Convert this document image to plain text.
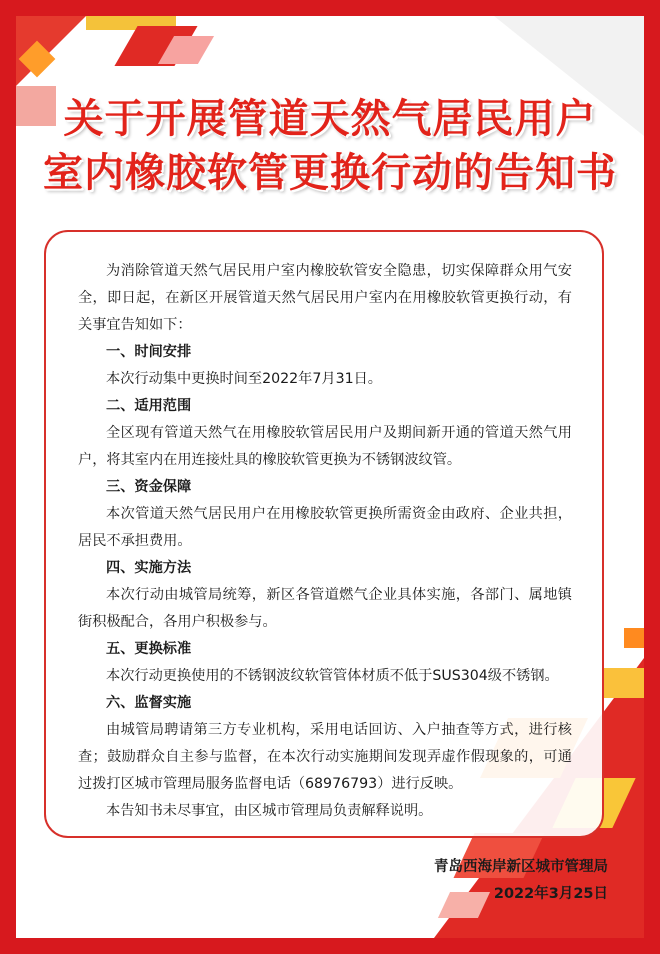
关于开展管道天然气居民用户
室内橡胶软管更换行动的告知书

为消除管道天然气居民用户室内橡胶软管安全隐患，切实保障群众用气安全，即日起，在新区开展管道天然气居民用户室内在用橡胶软管更换行动，有关事宜告知如下：

一、时间安排

本次行动集中更换时间至2022年7月31日。

二、适用范围

全区现有管道天然气在用橡胶软管居民用户及期间新开通的管道天然气用户，将其室内在用连接灶具的橡胶软管更换为不锈钢波纹管。

三、资金保障

本次管道天然气居民用户在用橡胶软管更换所需资金由政府、企业共担，居民不承担费用。

四、实施方法

本次行动由城管局统筹，新区各管道燃气企业具体实施，各部门、属地镇街积极配合，各用户积极参与。

五、更换标准

本次行动更换使用的不锈钢波纹软管管体材质不低于SUS304级不锈钢。

六、监督实施

由城管局聘请第三方专业机构，采用电话回访、入户抽查等方式，进行核查；鼓励群众自主参与监督，在本次行动实施期间发现弄虚作假现象的，可通过拨打区城市管理局服务监督电话（68976793）进行反映。

本告知书未尽事宜，由区城市管理局负责解释说明。

青岛西海岸新区城市管理局
2022年3月25日
